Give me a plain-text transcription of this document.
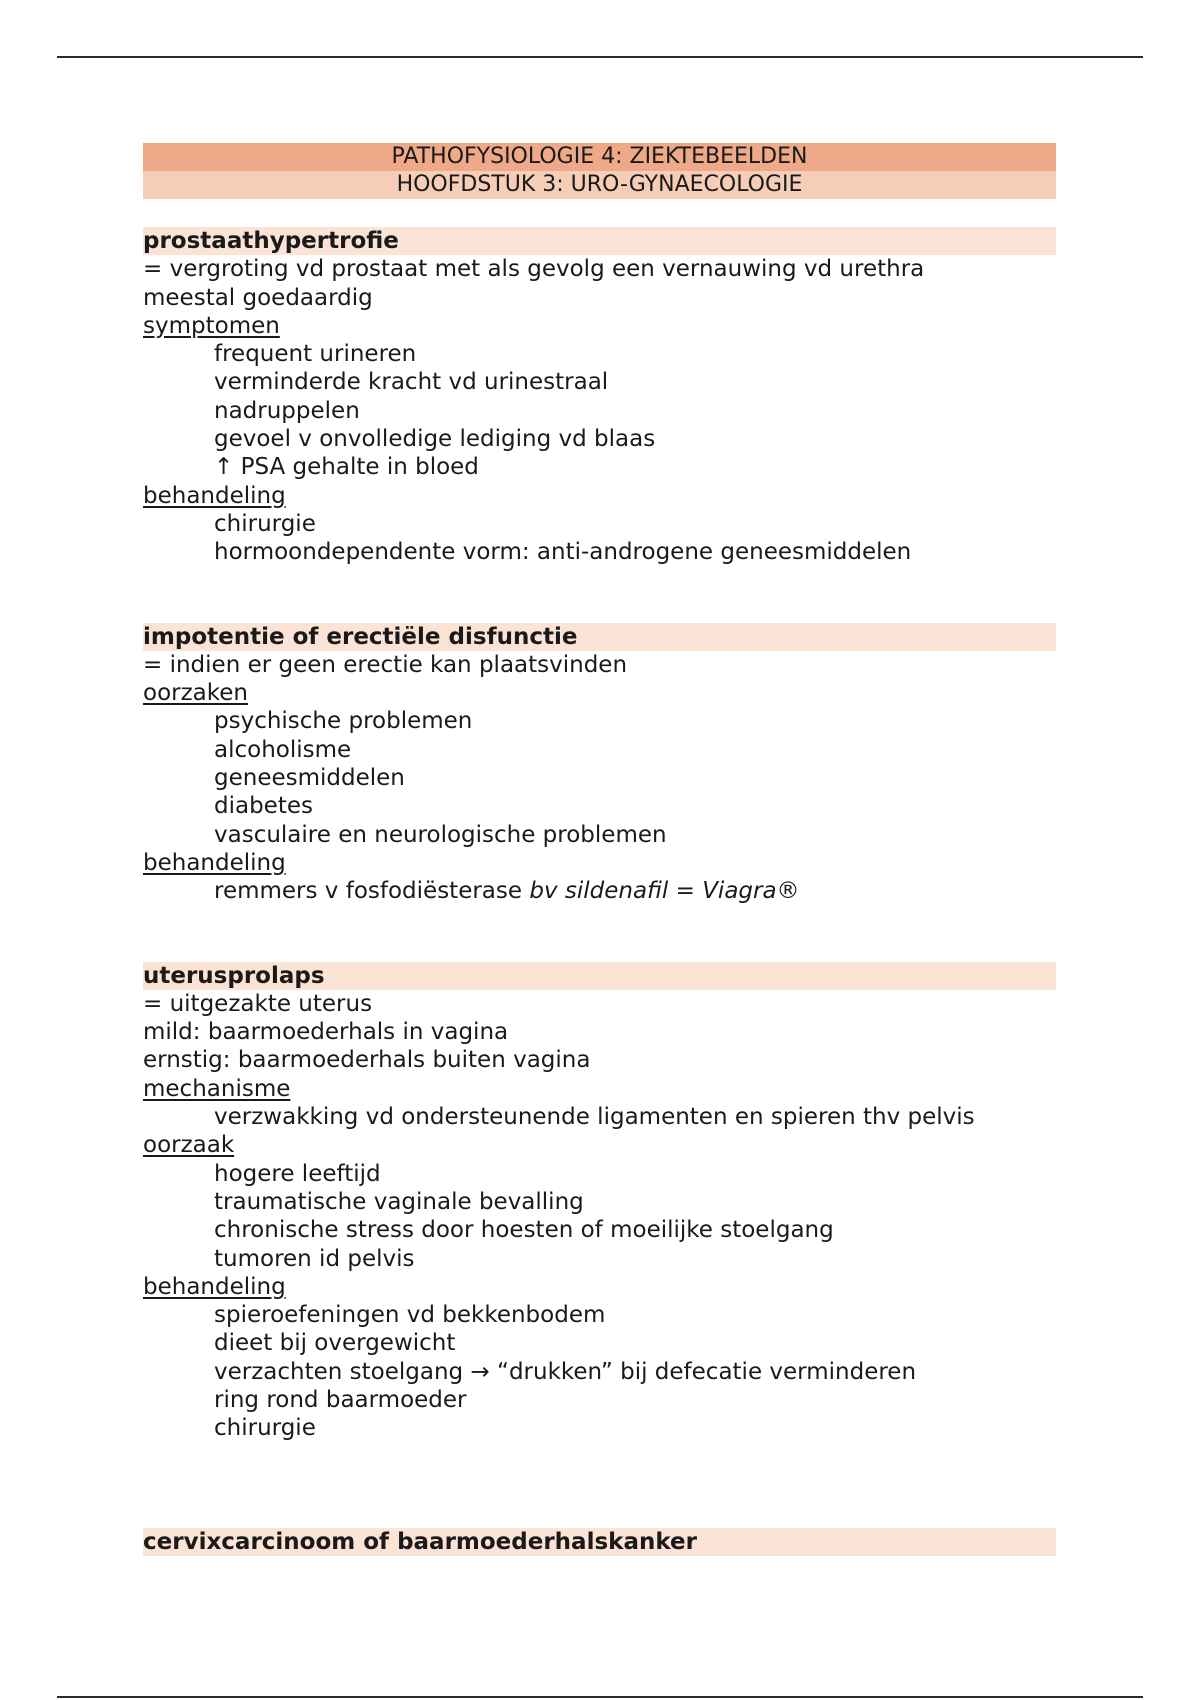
PATHOFYSIOLOGIE 4: ZIEKTEBEELDEN
HOOFDSTUK 3: URO-GYNAECOLOGIE
prostaathypertrofie
= vergroting vd prostaat met als gevolg een vernauwing vd urethra
meestal goedaardig
symptomen
frequent urineren
verminderde kracht vd urinestraal
nadruppelen
gevoel v onvolledige lediging vd blaas
↑ PSA gehalte in bloed
behandeling
chirurgie
hormoondependente vorm: anti-androgene geneesmiddelen
impotentie of erectiële disfunctie
= indien er geen erectie kan plaatsvinden
oorzaken
psychische problemen
alcoholisme
geneesmiddelen
diabetes
vasculaire en neurologische problemen
behandeling
remmers v fosfodiësterase bv sildenafil = Viagra®
uterusprolaps
= uitgezakte uterus
mild: baarmoederhals in vagina
ernstig: baarmoederhals buiten vagina
mechanisme
verzwakking vd ondersteunende ligamenten en spieren thv pelvis
oorzaak
hogere leeftijd
traumatische vaginale bevalling
chronische stress door hoesten of moeilijke stoelgang
tumoren id pelvis
behandeling
spieroefeningen vd bekkenbodem
dieet bij overgewicht
verzachten stoelgang → “drukken” bij defecatie verminderen
ring rond baarmoeder
chirurgie
cervixcarcinoom of baarmoederhalskanker
